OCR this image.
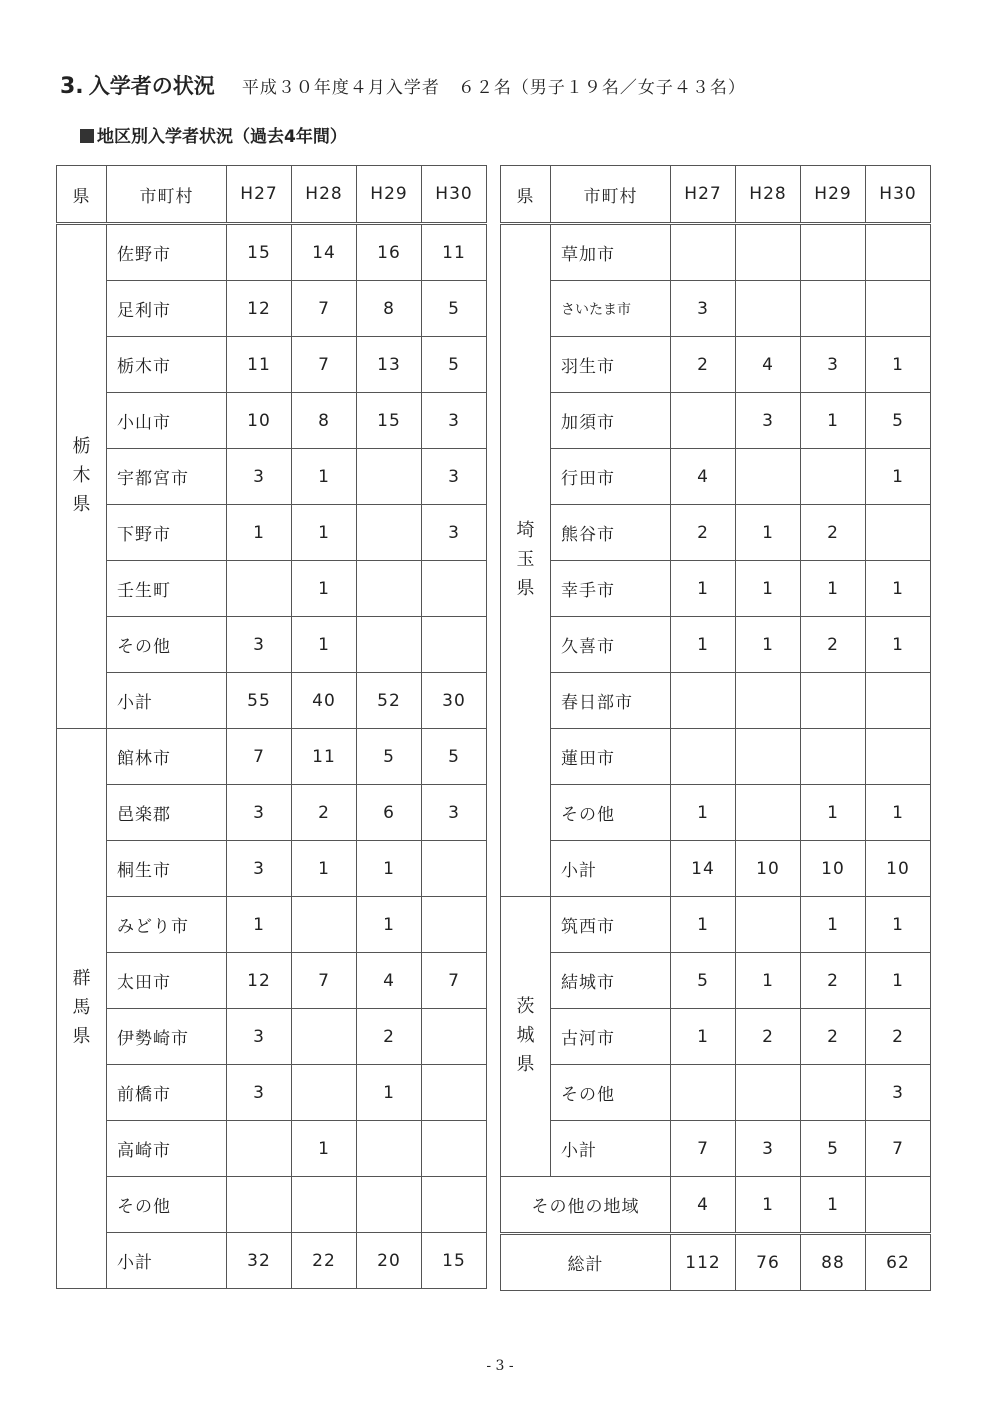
3. 入学者の状況 平成３０年度４月入学者　６２名（男子１９名／女子４３名）
地区別入学者状況（過去4年間）
県	市町村	H27	H28	H29	H30
栃木県	佐野市	15	14	16	11
	足利市	12	7	8	5
	栃木市	11	7	13	5
	小山市	10	8	15	3
	宇都宮市	3	1		3
	下野市	1	1		3
	壬生町		1		
	その他	3	1		
	小計	55	40	52	30
群馬県	館林市	7	11	5	5
	邑楽郡	3	2	6	3
	桐生市	3	1	1	
	みどり市	1		1	
	太田市	12	7	4	7
	伊勢崎市	3		2	
	前橋市	3		1	
	高崎市		1		
	その他				
	小計	32	22	20	15
県	市町村	H27	H28	H29	H30
埼玉県	草加市				
	さいたま市	3			
	羽生市	2	4	3	1
	加須市		3	1	5
	行田市	4			1
	熊谷市	2	1	2	
	幸手市	1	1	1	1
	久喜市	1	1	2	1
	春日部市				
	蓮田市				
	その他	1		1	1
	小計	14	10	10	10
茨城県	筑西市	1		1	1
	結城市	5	1	2	1
	古河市	1	2	2	2
	その他				3
	小計	7	3	5	7
その他の地域		4	1	1	
総計		112	76	88	62
- 3 -
